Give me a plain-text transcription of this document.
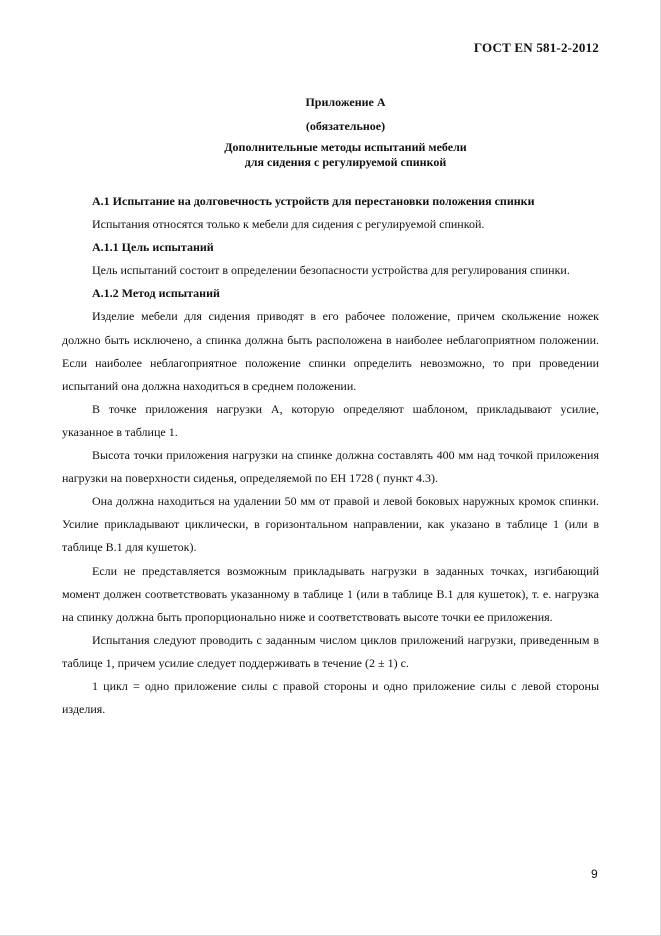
ГОСТ EN 581-2-2012
Приложение А
(обязательное)
Дополнительные методы испытаний мебели
для сидения с регулируемой спинкой

А.1 Испытание на долговечность устройств для перестановки положения спинки

Испытания относятся только к мебели для сидения с регулируемой спинкой.

А.1.1 Цель испытаний

Цель испытаний состоит в определении безопасности устройства для регулирования спинки.

А.1.2 Метод испытаний

Изделие мебели для сидения приводят в его рабочее положение, причем скольжение ножек должно быть исключено, а спинка должна быть расположена в наиболее неблагоприятном положении. Если наиболее неблагоприятное положение спинки определить невозможно, то при проведении испытаний она должна находиться в среднем положении.

В точке приложения нагрузки А, которую определяют шаблоном, прикладывают усилие, указанное в таблице 1.

Высота точки приложения нагрузки на спинке должна составлять 400 мм над точкой приложения нагрузки на поверхности сиденья, определяемой по ЕН 1728 ( пункт 4.3).

Она должна находиться на удалении 50 мм от правой и левой боковых наружных кромок спинки. Усилие прикладывают циклически, в горизонтальном направлении, как указано в таблице 1 (или в таблице В.1 для кушеток).

Если не представляется возможным прикладывать нагрузки в заданных точках, изгибающий момент должен соответствовать указанному в таблице 1 (или в таблице В.1 для кушеток), т. е. нагрузка на спинку должна быть пропорционально ниже и соответствовать высоте точки ее приложения.

Испытания следуют проводить с заданным числом циклов приложений нагрузки, приведенным в таблице 1, причем усилие следует поддерживать в течение (2 ± 1) с.

1 цикл = одно приложение силы с правой стороны и одно приложение силы с левой стороны изделия.

9
